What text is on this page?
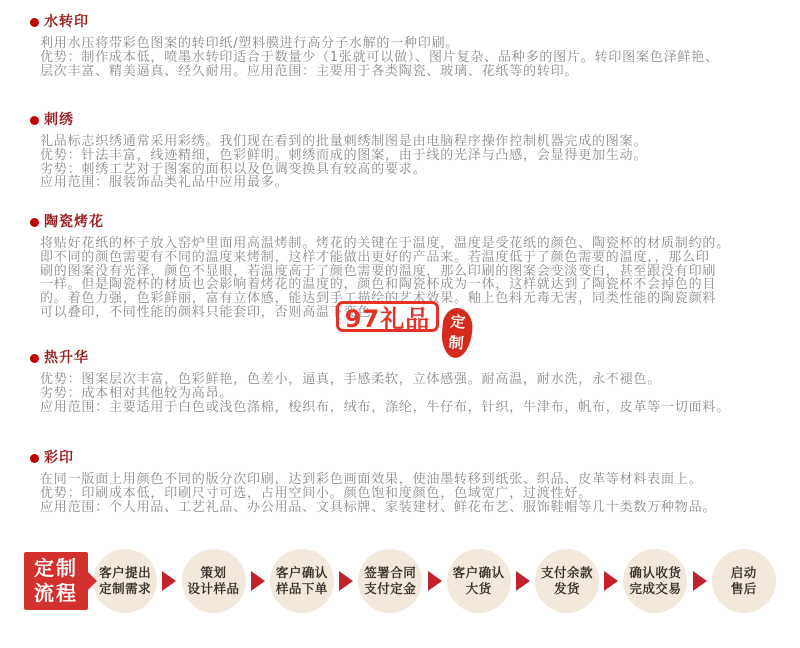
水转印
利用水压将带彩色图案的转印纸/塑料膜进行高分子水解的一种印刷。
优势：制作成本低，喷墨水转印适合于数量少（1张就可以做）、图片复杂、品种多的图片。转印图案色泽鲜艳、
层次丰富、精美逼真、经久耐用。应用范围：主要用于各类陶瓷、玻璃、花纸等的转印。
刺绣
礼品标志织绣通常采用彩绣。我们现在看到的批量刺绣制图是由电脑程序操作控制机器完成的图案。
优势：针法丰富，线迹精细，色彩鲜明。刺绣而成的图案，由于线的光泽与凸感，会显得更加生动。
劣势：刺绣工艺对于图案的面积以及色调变换具有较高的要求。
应用范围：服装饰品类礼品中应用最多。
陶瓷烤花
将贴好花纸的杯子放入窑炉里面用高温烤制。烤花的关键在于温度，温度是受花纸的颜色、陶瓷杯的材质制约的。
即不同的颜色需要有不同的温度来烤制，这样才能做出更好的产品来。若温度低于了颜色需要的温度，，那么印
刷的图案没有光泽，颜色不显眼，若温度高于了颜色需要的温度，那么印刷的图案会变淡变白，甚至跟没有印刷
一样。但是陶瓷杯的材质也会影响着烤花的温度的，颜色和陶瓷杯成为一体，这样就达到了陶瓷杯不会掉色的目
的。着色力强，色彩鲜丽，富有立体感，能达到手工描绘的艺术效果。釉上色料无毒无害，同类性能的陶瓷颜料
可以叠印，不同性能的颜料只能套印，否则高温下变色。
热升华
优势：图案层次丰富，色彩鲜艳，色差小，逼真，手感柔软，立体感强。耐高温，耐水洗，永不褪色。
劣势：成本相对其他较为高昂。
应用范围：主要适用于白色或浅色涤棉，梭织布，绒布，涤纶，牛仔布，针织，牛津布，帆布，皮革等一切面料。
彩印
在同一版面上用颜色不同的版分次印刷，达到彩色画面效果，使油墨转移到纸张、织品、皮革等材料表面上。
优势：印刷成本低，印刷尺寸可选，占用空间小。颜色饱和度颜色，色域宽广，过渡性好。
应用范围：个人用品、工艺礼品、办公用品、文具标牌、家装建材、鲜花布艺、服饰鞋帽等几十类数万种物品。
97礼品	定
制
定制
流程
客户提出
定制需求
策划
设计样品
客户确认
样品下单
签署合同
支付定金
客户确认
大货
支付余款
发货
确认收货
完成交易
启动
售后
